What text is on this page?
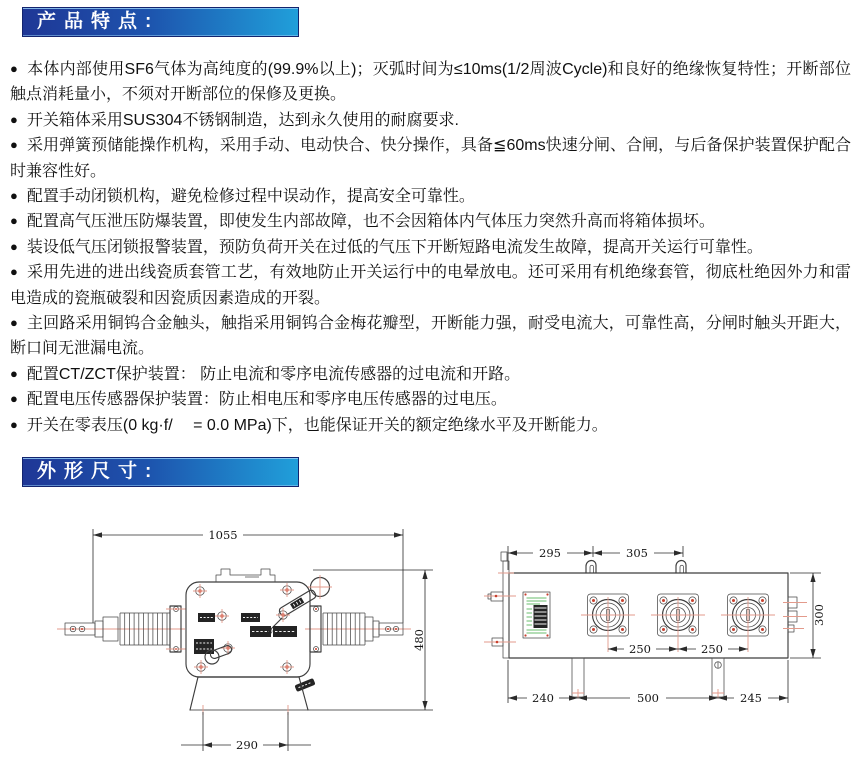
产品特点:
● 本体内部使用SF6气体为高纯度的(99.9%以上)；灭弧时间为≤10ms(1/2周波Cycle)和良好的绝缘恢复特性；开断部位触点消耗量小，不须对开断部位的保修及更换。
● 开关箱体采用SUS304不锈钢制造，达到永久使用的耐腐要求.
● 采用弹簧预储能操作机构，采用手动、电动快合、快分操作，具备≦60ms快速分闸、合闸，与后备保护装置保护配合时兼容性好。
● 配置手动闭锁机构，避免检修过程中误动作，提高安全可靠性。
● 配置高气压泄压防爆装置，即使发生内部故障，也不会因箱体内气体压力突然升高而将箱体损坏。
● 装设低气压闭锁报警装置，预防负荷开关在过低的气压下开断短路电流发生故障，提高开关运行可靠性。
● 采用先进的进出线瓷质套管工艺，有效地防止开关运行中的电晕放电。还可采用有机绝缘套管，彻底杜绝因外力和雷电造成的瓷瓶破裂和因瓷质因素造成的开裂。
● 主回路采用铜钨合金触头，触指采用铜钨合金梅花瓣型，开断能力强，耐受电流大，可靠性高，分闸时触头开距大，断口间无泄漏电流。
● 配置CT/ZCT保护装置： 防止电流和零序电流传感器的过电流和开路。
● 配置电压传感器保护装置：防止相电压和零序电压传感器的过电压。
● 开关在零表压(0 kg·f/　 = 0.0 MPa)下，也能保证开关的额定绝缘水平及开断能力。
外形尺寸:
1055
480
290
295	305
250	250
300
240	500	245
